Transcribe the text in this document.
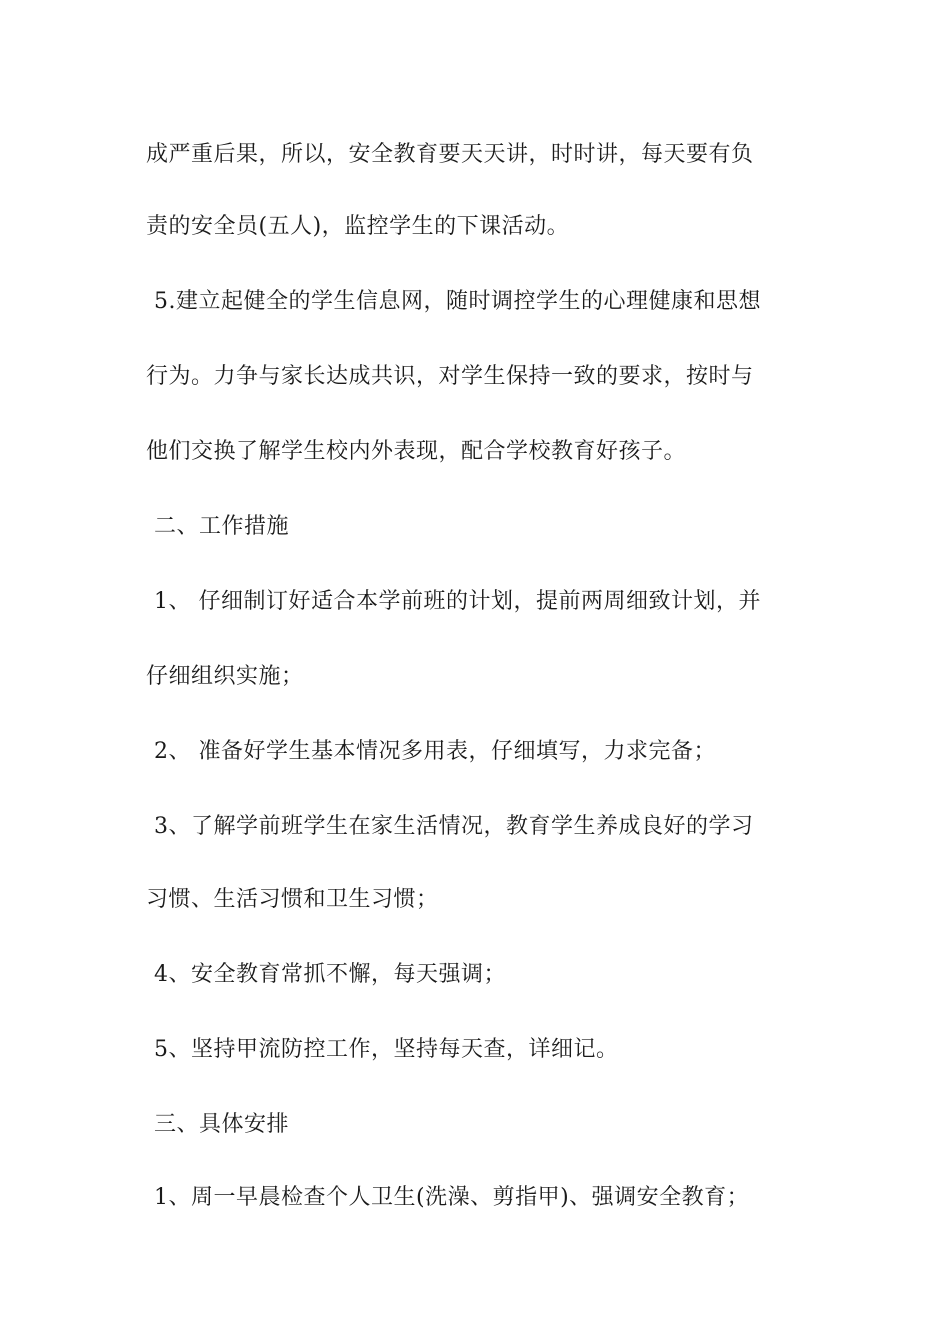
成严重后果，所以，安全教育要天天讲，时时讲，每天要有负
责的安全员(五人)，监控学生的下课活动。
5.建立起健全的学生信息网，随时调控学生的心理健康和思想
行为。力争与家长达成共识，对学生保持一致的要求，按时与
他们交换了解学生校内外表现，配合学校教育好孩子。
二、工作措施
1、 仔细制订好适合本学前班的计划，提前两周细致计划，并
仔细组织实施；
2、 准备好学生基本情况多用表，仔细填写，力求完备；
3、了解学前班学生在家生活情况，教育学生养成良好的学习
习惯、生活习惯和卫生习惯；
4、安全教育常抓不懈，每天强调；
5、坚持甲流防控工作，坚持每天查，详细记。
三、具体安排
1、周一早晨检查个人卫生(洗澡、剪指甲)、强调安全教育；
